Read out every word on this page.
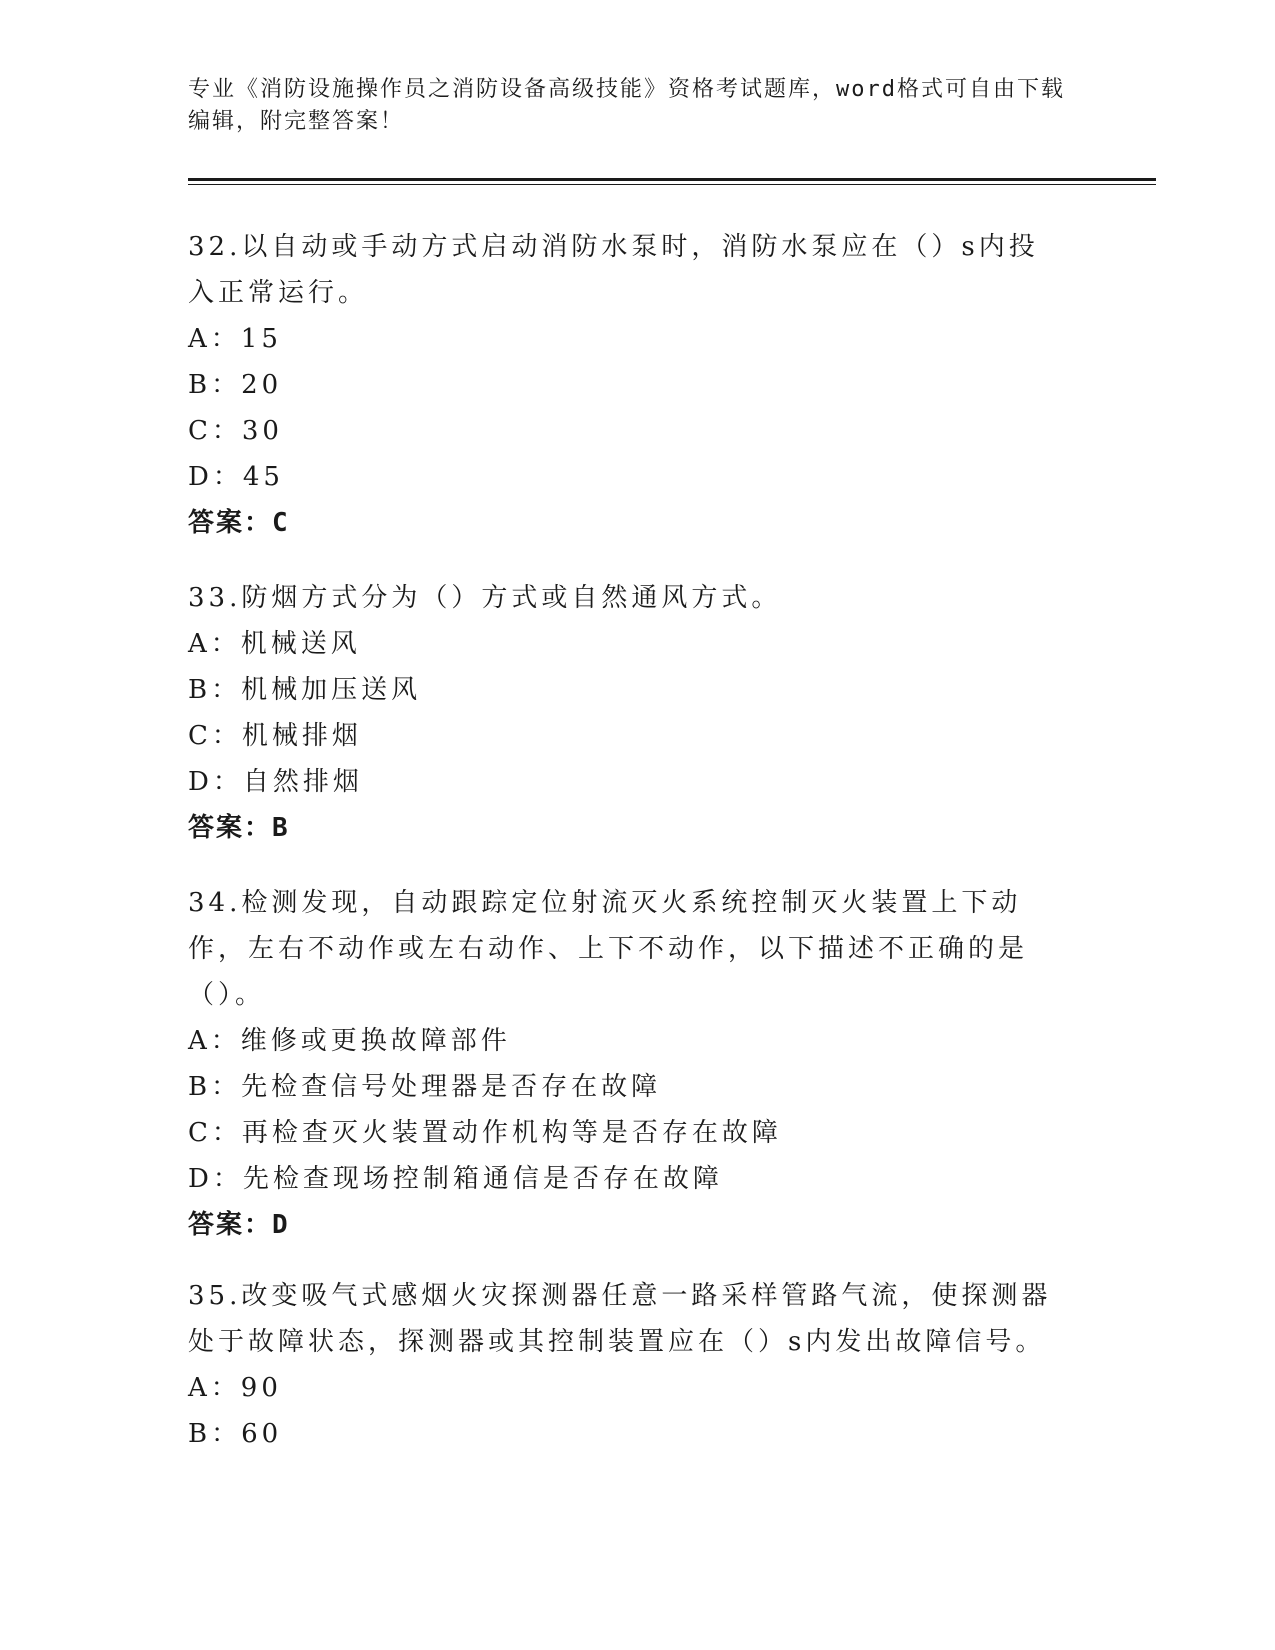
专业《消防设施操作员之消防设备高级技能》资格考试题库，word格式可自由下载编辑，附完整答案！

32.以自动或手动方式启动消防水泵时，消防水泵应在（）s内投入正常运行。

A：15

B：20

C：30

D：45

答案：C

33.防烟方式分为（）方式或自然通风方式。

A：机械送风

B：机械加压送风

C：机械排烟

D：自然排烟

答案：B

34.检测发现，自动跟踪定位射流灭火系统控制灭火装置上下动作，左右不动作或左右动作、上下不动作，以下描述不正确的是（）。

A：维修或更换故障部件

B：先检查信号处理器是否存在故障

C：再检查灭火装置动作机构等是否存在故障

D：先检查现场控制箱通信是否存在故障

答案：D

35.改变吸气式感烟火灾探测器任意一路采样管路气流，使探测器处于故障状态，探测器或其控制装置应在（）s内发出故障信号。

A：90

B：60
